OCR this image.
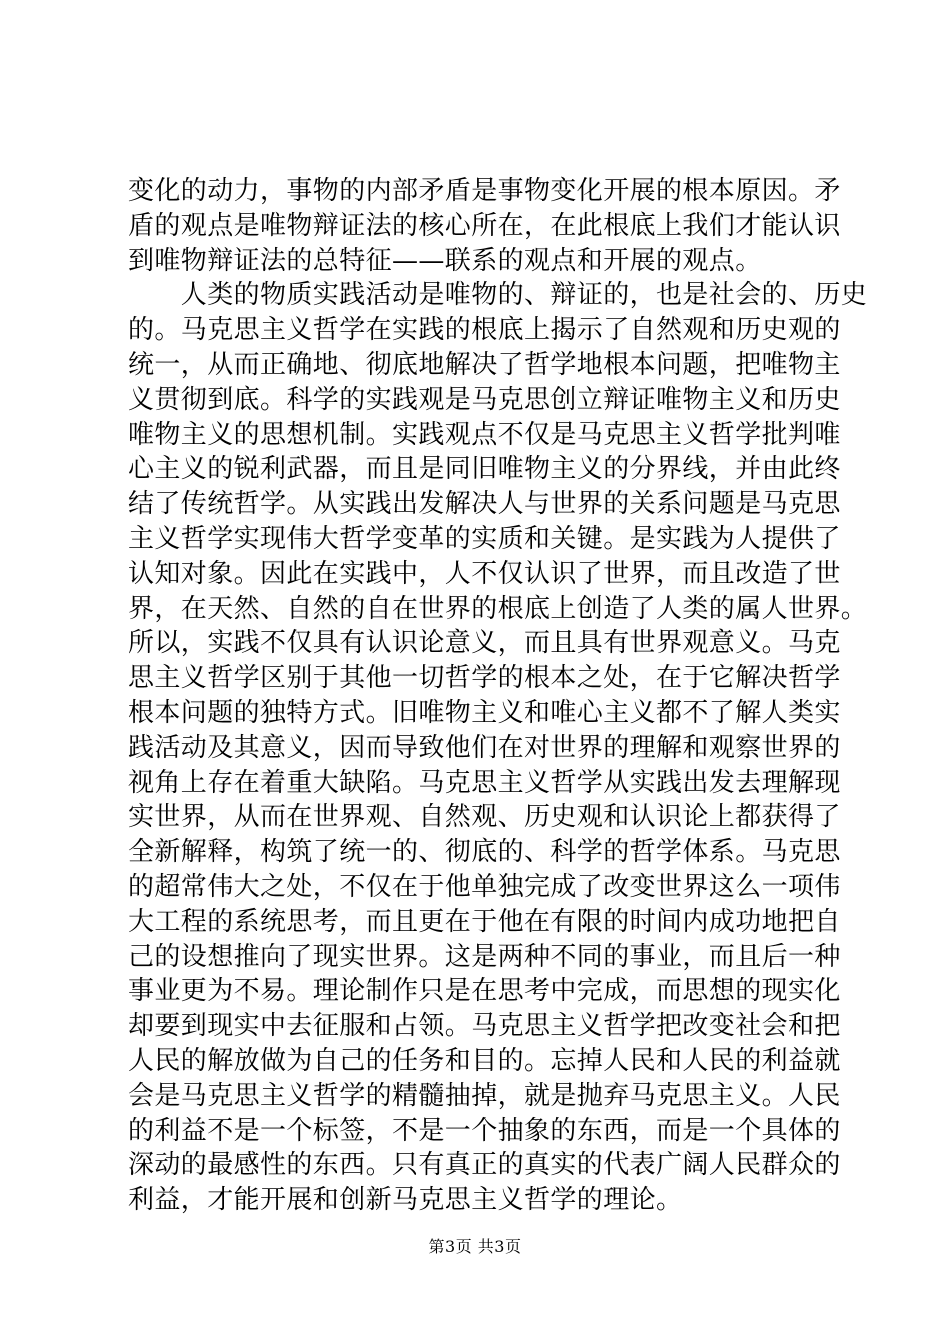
变化的动力，事物的内部矛盾是事物变化开展的根本原因。矛
盾的观点是唯物辩证法的核心所在，在此根底上我们才能认识
到唯物辩证法的总特征——联系的观点和开展的观点。
　　人类的物质实践活动是唯物的、辩证的，也是社会的、历史
的。马克思主义哲学在实践的根底上揭示了自然观和历史观的
统一，从而正确地、彻底地解决了哲学地根本问题，把唯物主
义贯彻到底。科学的实践观是马克思创立辩证唯物主义和历史
唯物主义的思想机制。实践观点不仅是马克思主义哲学批判唯
心主义的锐利武器，而且是同旧唯物主义的分界线，并由此终
结了传统哲学。从实践出发解决人与世界的关系问题是马克思
主义哲学实现伟大哲学变革的实质和关键。是实践为人提供了
认知对象。因此在实践中，人不仅认识了世界，而且改造了世
界，在天然、自然的自在世界的根底上创造了人类的属人世界。
所以，实践不仅具有认识论意义，而且具有世界观意义。马克
思主义哲学区别于其他一切哲学的根本之处，在于它解决哲学
根本问题的独特方式。旧唯物主义和唯心主义都不了解人类实
践活动及其意义，因而导致他们在对世界的理解和观察世界的
视角上存在着重大缺陷。马克思主义哲学从实践出发去理解现
实世界，从而在世界观、自然观、历史观和认识论上都获得了
全新解释，构筑了统一的、彻底的、科学的哲学体系。马克思
的超常伟大之处，不仅在于他单独完成了改变世界这么一项伟
大工程的系统思考，而且更在于他在有限的时间内成功地把自
己的设想推向了现实世界。这是两种不同的事业，而且后一种
事业更为不易。理论制作只是在思考中完成，而思想的现实化
却要到现实中去征服和占领。马克思主义哲学把改变社会和把
人民的解放做为自己的任务和目的。忘掉人民和人民的利益就
会是马克思主义哲学的精髓抽掉，就是抛弃马克思主义。人民
的利益不是一个标签，不是一个抽象的东西，而是一个具体的
深动的最感性的东西。只有真正的真实的代表广阔人民群众的
利益，才能开展和创新马克思主义哲学的理论。
第3页 共3页
